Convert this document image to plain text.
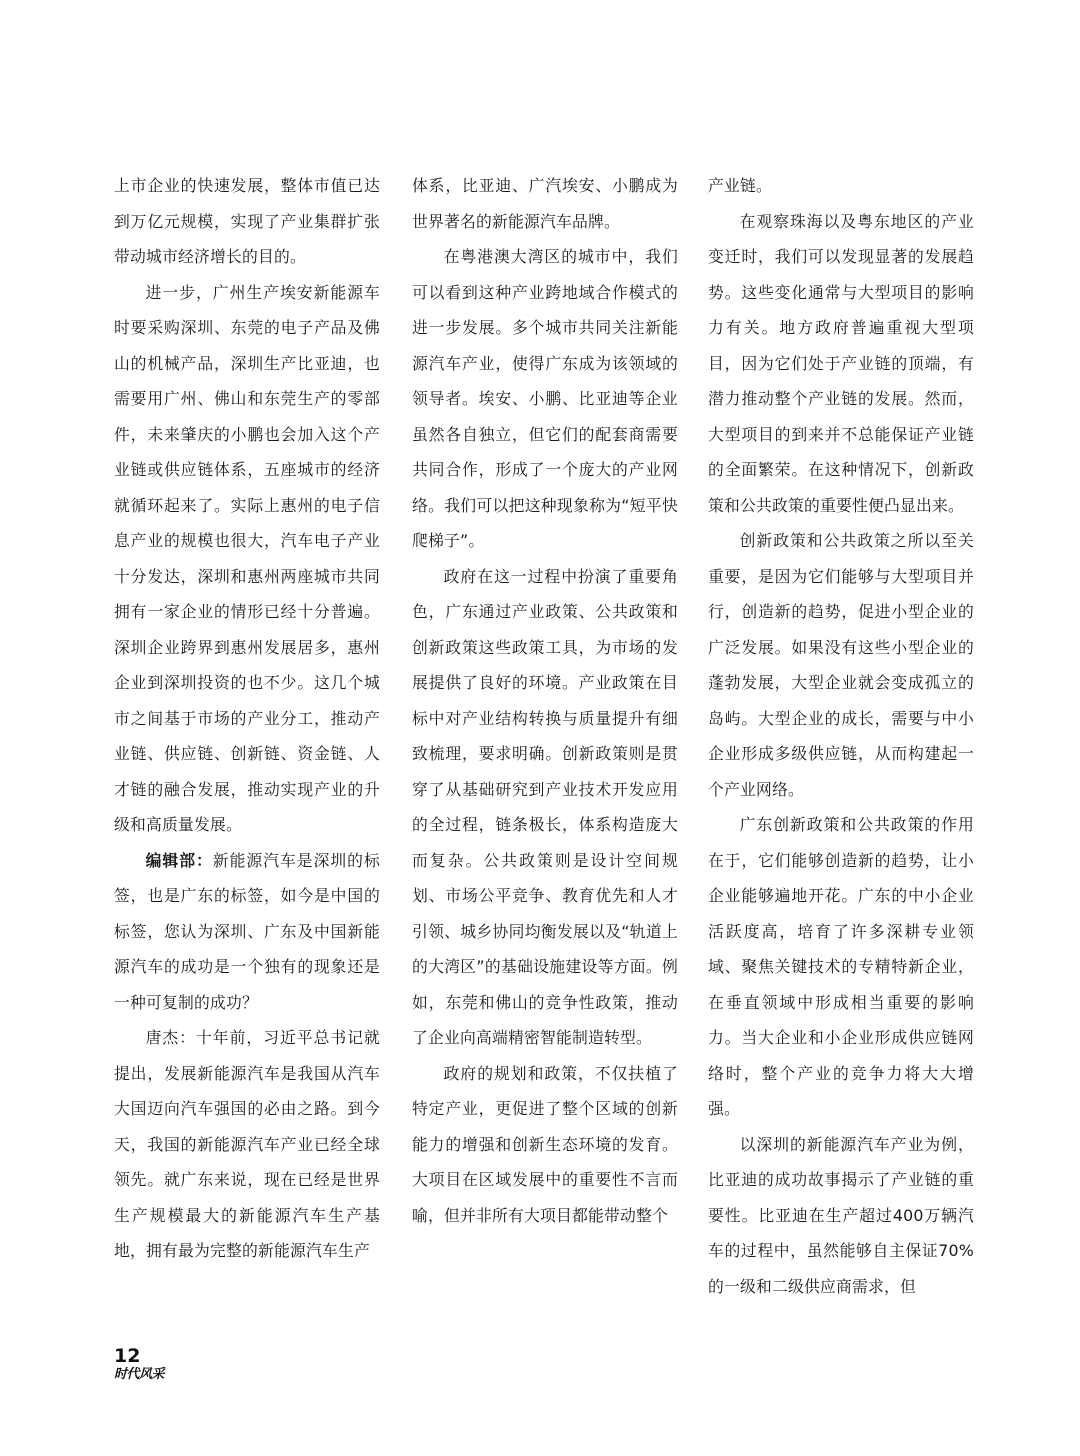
上市企业的快速发展，整体市值已达到万亿元规模，实现了产业集群扩张带动城市经济增长的目的。

进一步，广州生产埃安新能源车时要采购深圳、东莞的电子产品及佛山的机械产品，深圳生产比亚迪，也需要用广州、佛山和东莞生产的零部件，未来肇庆的小鹏也会加入这个产业链或供应链体系，五座城市的经济就循环起来了。实际上惠州的电子信息产业的规模也很大，汽车电子产业十分发达，深圳和惠州两座城市共同拥有一家企业的情形已经十分普遍。深圳企业跨界到惠州发展居多，惠州企业到深圳投资的也不少。这几个城市之间基于市场的产业分工，推动产业链、供应链、创新链、资金链、人才链的融合发展，推动实现产业的升级和高质量发展。

编辑部：新能源汽车是深圳的标签，也是广东的标签，如今是中国的标签，您认为深圳、广东及中国新能源汽车的成功是一个独有的现象还是一种可复制的成功？

唐杰：十年前，习近平总书记就提出，发展新能源汽车是我国从汽车大国迈向汽车强国的必由之路。到今天，我国的新能源汽车产业已经全球领先。就广东来说，现在已经是世界生产规模最大的新能源汽车生产基地，拥有最为完整的新能源汽车生产

体系，比亚迪、广汽埃安、小鹏成为世界著名的新能源汽车品牌。

在粤港澳大湾区的城市中，我们可以看到这种产业跨地域合作模式的进一步发展。多个城市共同关注新能源汽车产业，使得广东成为该领域的领导者。埃安、小鹏、比亚迪等企业虽然各自独立，但它们的配套商需要共同合作，形成了一个庞大的产业网络。我们可以把这种现象称为“短平快爬梯子”。

政府在这一过程中扮演了重要角色，广东通过产业政策、公共政策和创新政策这些政策工具，为市场的发展提供了良好的环境。产业政策在目标中对产业结构转换与质量提升有细致梳理，要求明确。创新政策则是贯穿了从基础研究到产业技术开发应用的全过程，链条极长，体系构造庞大而复杂。公共政策则是设计空间规划、市场公平竞争、教育优先和人才引领、城乡协同均衡发展以及“轨道上的大湾区”的基础设施建设等方面。例如，东莞和佛山的竞争性政策，推动了企业向高端精密智能制造转型。

政府的规划和政策，不仅扶植了特定产业，更促进了整个区域的创新能力的增强和创新生态环境的发育。大项目在区域发展中的重要性不言而喻，但并非所有大项目都能带动整个

产业链。

在观察珠海以及粤东地区的产业变迁时，我们可以发现显著的发展趋势。这些变化通常与大型项目的影响力有关。地方政府普遍重视大型项目，因为它们处于产业链的顶端，有潜力推动整个产业链的发展。然而，大型项目的到来并不总能保证产业链的全面繁荣。在这种情况下，创新政策和公共政策的重要性便凸显出来。

创新政策和公共政策之所以至关重要，是因为它们能够与大型项目并行，创造新的趋势，促进小型企业的广泛发展。如果没有这些小型企业的蓬勃发展，大型企业就会变成孤立的岛屿。大型企业的成长，需要与中小企业形成多级供应链，从而构建起一个产业网络。

广东创新政策和公共政策的作用在于，它们能够创造新的趋势，让小企业能够遍地开花。广东的中小企业活跃度高，培育了许多深耕专业领域、聚焦关键技术的专精特新企业，在垂直领域中形成相当重要的影响力。当大企业和小企业形成供应链网络时，整个产业的竞争力将大大增强。

以深圳的新能源汽车产业为例，比亚迪的成功故事揭示了产业链的重要性。比亚迪在生产超过400万辆汽车的过程中，虽然能够自主保证70%的一级和二级供应商需求，但

12
时代风采
